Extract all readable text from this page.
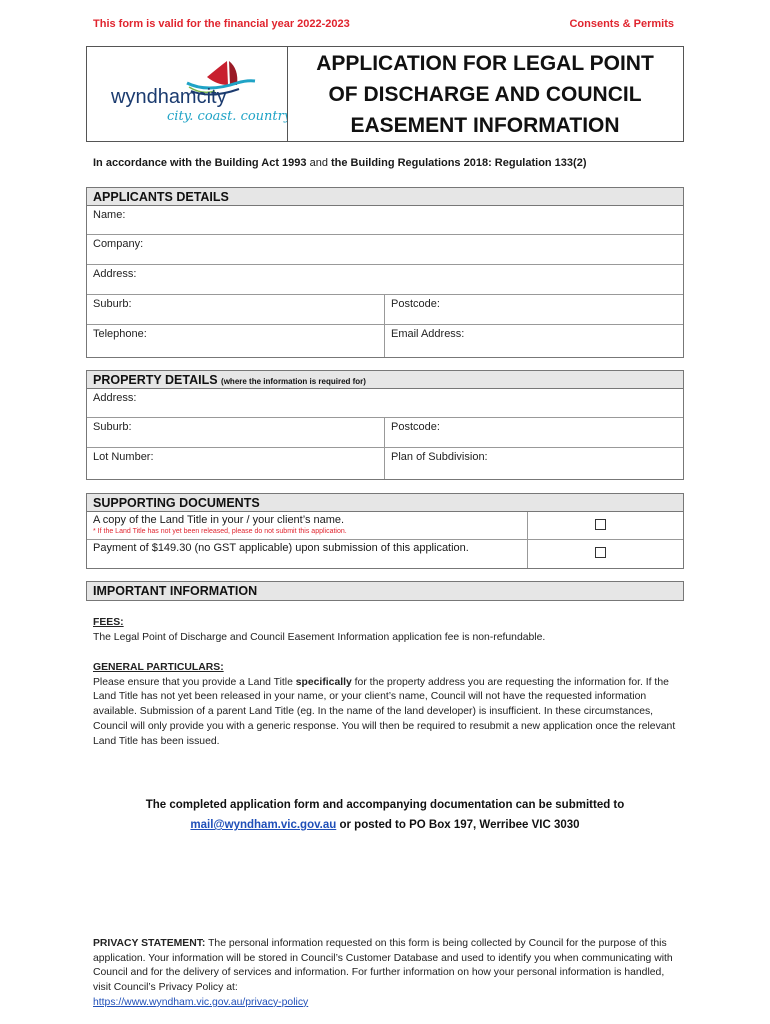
This form is valid for the financial year 2022-2023	Consents & Permits
wyndhamcity
city. coast. country
APPLICATION FOR LEGAL POINT
OF DISCHARGE AND COUNCIL
EASEMENT INFORMATION
In accordance with the Building Act 1993 and the Building Regulations 2018: Regulation 133(2)
APPLICANTS DETAILS
Name:
Company:
Address:
Suburb:	Postcode:
Telephone:	Email Address:
PROPERTY DETAILS (where the information is required for)
Address:
Suburb:	Postcode:
Lot Number:	Plan of Subdivision:
SUPPORTING DOCUMENTS
A copy of the Land Title in your / your client’s name.
* If the Land Title has not yet been released, please do not submit this application.
Payment of $149.30 (no GST applicable) upon submission of this application.
IMPORTANT INFORMATION
FEES:
The Legal Point of Discharge and Council Easement Information application fee is non-refundable.
GENERAL PARTICULARS:
Please ensure that you provide a Land Title specifically for the property address you are requesting the information for. If the Land Title has not yet been released in your name, or your client’s name, Council will not have the requested information available. Submission of a parent Land Title (eg. In the name of the land developer) is insufficient. In these circumstances, Council will only provide you with a generic response. You will then be required to resubmit a new application once the relevant Land Title has been issued.
The completed application form and accompanying documentation can be submitted to
mail@wyndham.vic.gov.au or posted to PO Box 197, Werribee VIC 3030
PRIVACY STATEMENT: The personal information requested on this form is being collected by Council for the purpose of this application. Your information will be stored in Council’s Customer Database and used to identify you when communicating with Council and for the delivery of services and information. For further information on how your personal information is handled, visit Council’s Privacy Policy at:
https://www.wyndham.vic.gov.au/privacy-policy
